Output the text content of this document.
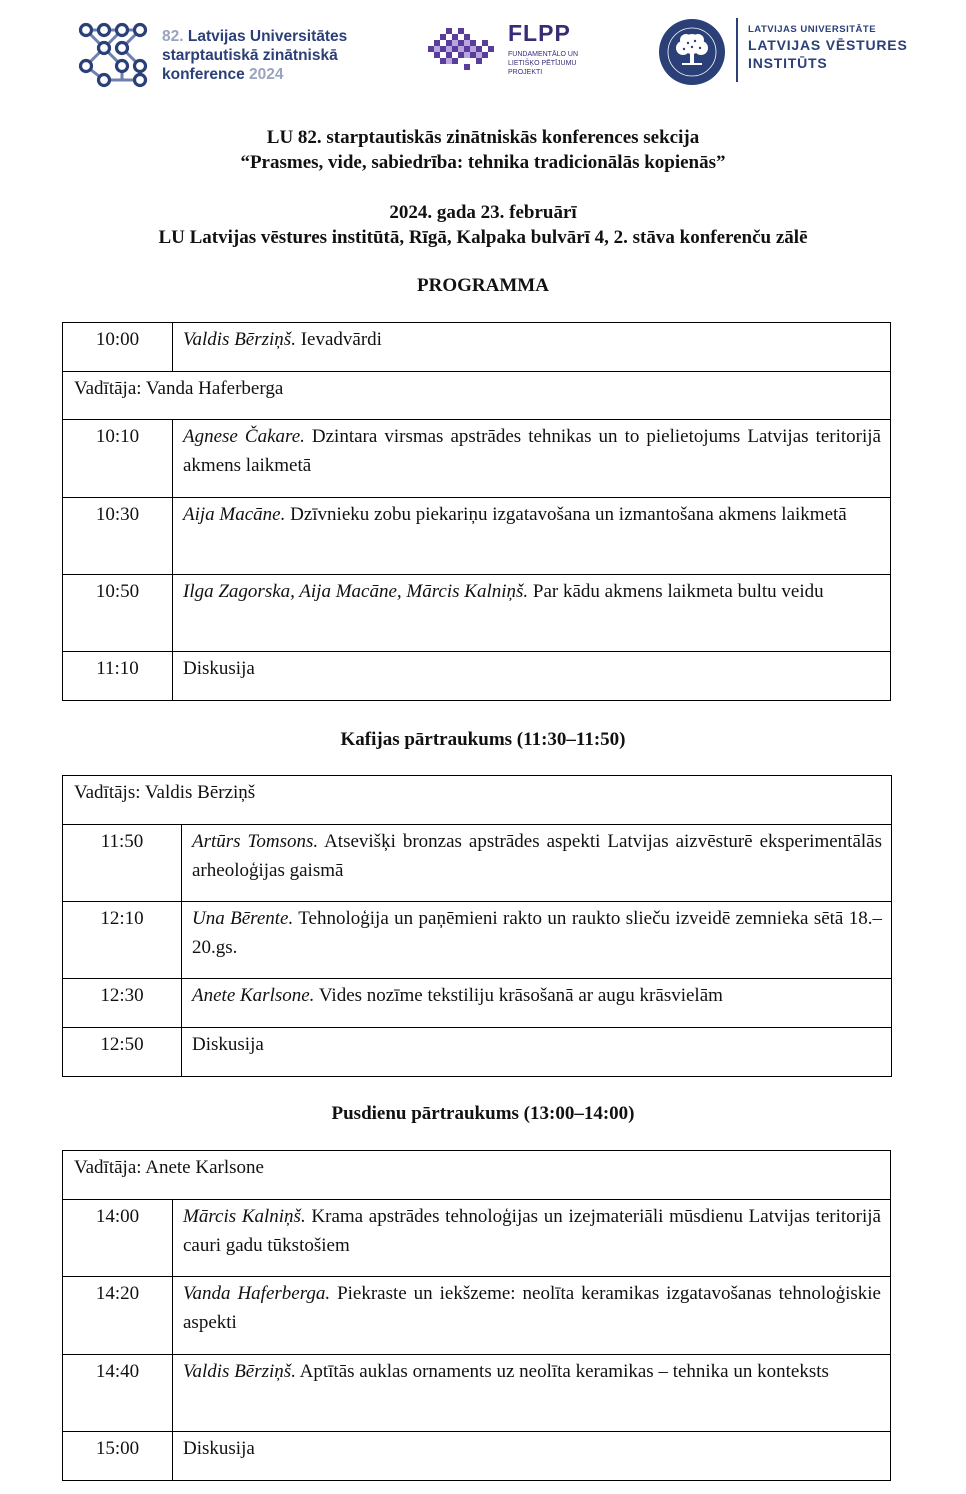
82. Latvijas Universitātes
starptautiskā zinātniskā
konference 2024
FLPP
FUNDAMENTĀLO UN
LIETIŠĶO PĒTĪJUMU
PROJEKTI
LATVIJAS UNIVERSITĀTE
LATVIJAS VĒSTURES
INSTITŪTS
LU 82. starptautiskās zinātniskās konferences sekcija
“Prasmes, vide, sabiedrība: tehnika tradicionālās kopienās”
2024. gada 23. februārī
LU Latvijas vēstures institūtā, Rīgā, Kalpaka bulvārī 4, 2. stāva konferenču zālē
PROGRAMMA
10:00	Valdis Bērziņš. Ievadvārdi
Vadītāja: Vanda Haferberga	
10:10	Agnese Čakare. Dzintara virsmas apstrādes tehnikas un to pielietojums Latvijas teritorijā akmens laikmetā
10:30	Aija Macāne. Dzīvnieku zobu piekariņu izgatavošana un izmantošana akmens laikmetā
10:50	Ilga Zagorska, Aija Macāne, Mārcis Kalniņš. Par kādu akmens laikmeta bultu veidu
11:10	Diskusija
Kafijas pārtraukums (11:30–11:50)
Vadītājs: Valdis Bērziņš	
11:50	Artūrs Tomsons. Atsevišķi bronzas apstrādes aspekti Latvijas aizvēsturē eksperimentālās arheoloģijas gaismā
12:10	Una Bērente. Tehnoloģija un paņēmieni rakto un raukto slieču izveidē zemnieka sētā 18.–20.gs.
12:30	Anete Karlsone. Vides nozīme tekstiliju krāsošanā ar augu krāsvielām
12:50	Diskusija
Pusdienu pārtraukums (13:00–14:00)
Vadītāja: Anete Karlsone	
14:00	Mārcis Kalniņš. Krama apstrādes tehnoloģijas un izejmateriāli mūsdienu Latvijas teritorijā cauri gadu tūkstošiem
14:20	Vanda Haferberga. Piekraste un iekšzeme: neolīta keramikas izgatavošanas tehnoloģiskie aspekti
14:40	Valdis Bērziņš. Aptītās auklas ornaments uz neolīta keramikas – tehnika un konteksts
15:00	Diskusija
